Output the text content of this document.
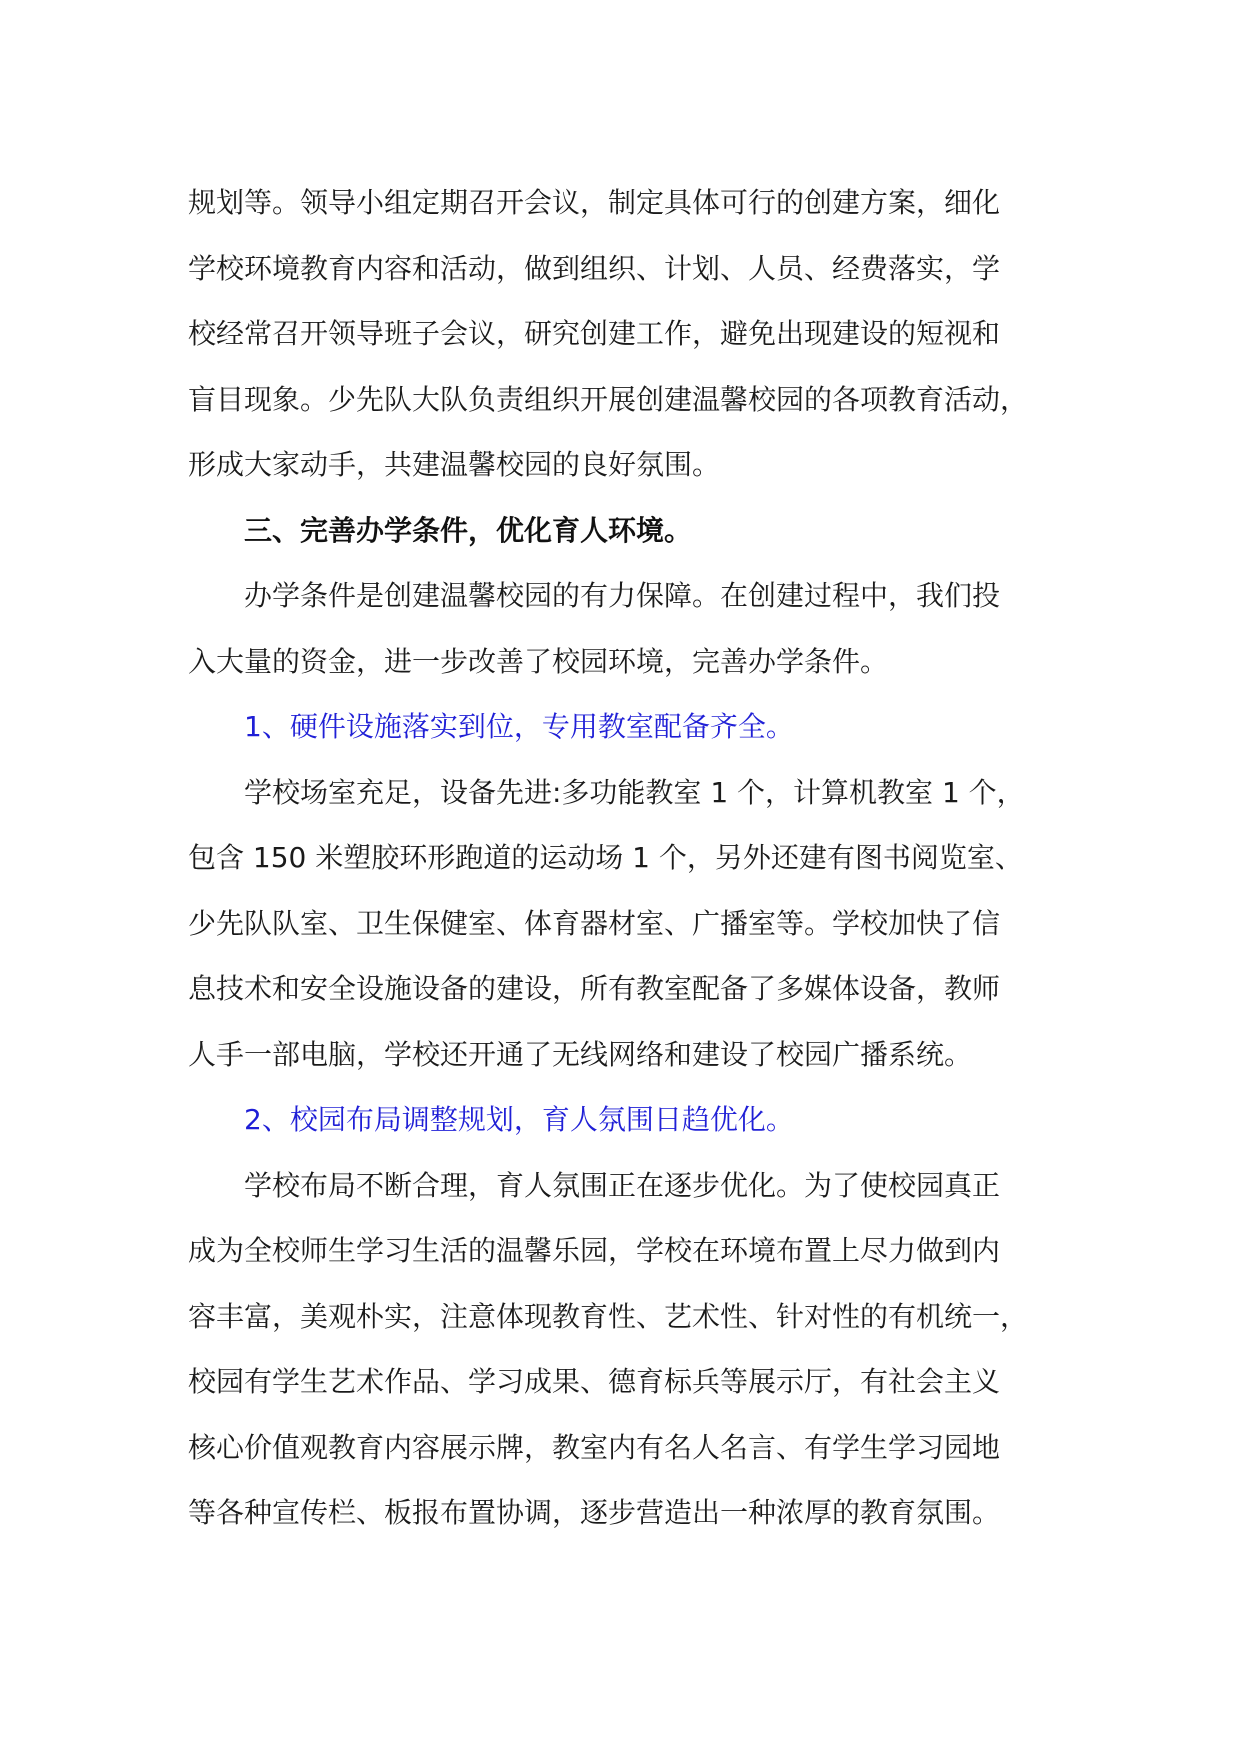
规划等。领导小组定期召开会议，制定具体可行的创建方案，细化
学校环境教育内容和活动，做到组织、计划、人员、经费落实，学
校经常召开领导班子会议，研究创建工作，避免出现建设的短视和
盲目现象。少先队大队负责组织开展创建温馨校园的各项教育活动，
形成大家动手，共建温馨校园的良好氛围。
三、完善办学条件，优化育人环境。
办学条件是创建温馨校园的有力保障。在创建过程中，我们投
入大量的资金，进一步改善了校园环境，完善办学条件。
1、硬件设施落实到位，专用教室配备齐全。
学校场室充足，设备先进:多功能教室 1 个，计算机教室 1 个，
包含 150 米塑胶环形跑道的运动场 1 个，另外还建有图书阅览室、
少先队队室、卫生保健室、体育器材室、广播室等。学校加快了信
息技术和安全设施设备的建设，所有教室配备了多媒体设备，教师
人手一部电脑，学校还开通了无线网络和建设了校园广播系统。
2、校园布局调整规划，育人氛围日趋优化。
学校布局不断合理，育人氛围正在逐步优化。为了使校园真正
成为全校师生学习生活的温馨乐园，学校在环境布置上尽力做到内
容丰富，美观朴实，注意体现教育性、艺术性、针对性的有机统一，
校园有学生艺术作品、学习成果、德育标兵等展示厅，有社会主义
核心价值观教育内容展示牌，教室内有名人名言、有学生学习园地
等各种宣传栏、板报布置协调，逐步营造出一种浓厚的教育氛围。
